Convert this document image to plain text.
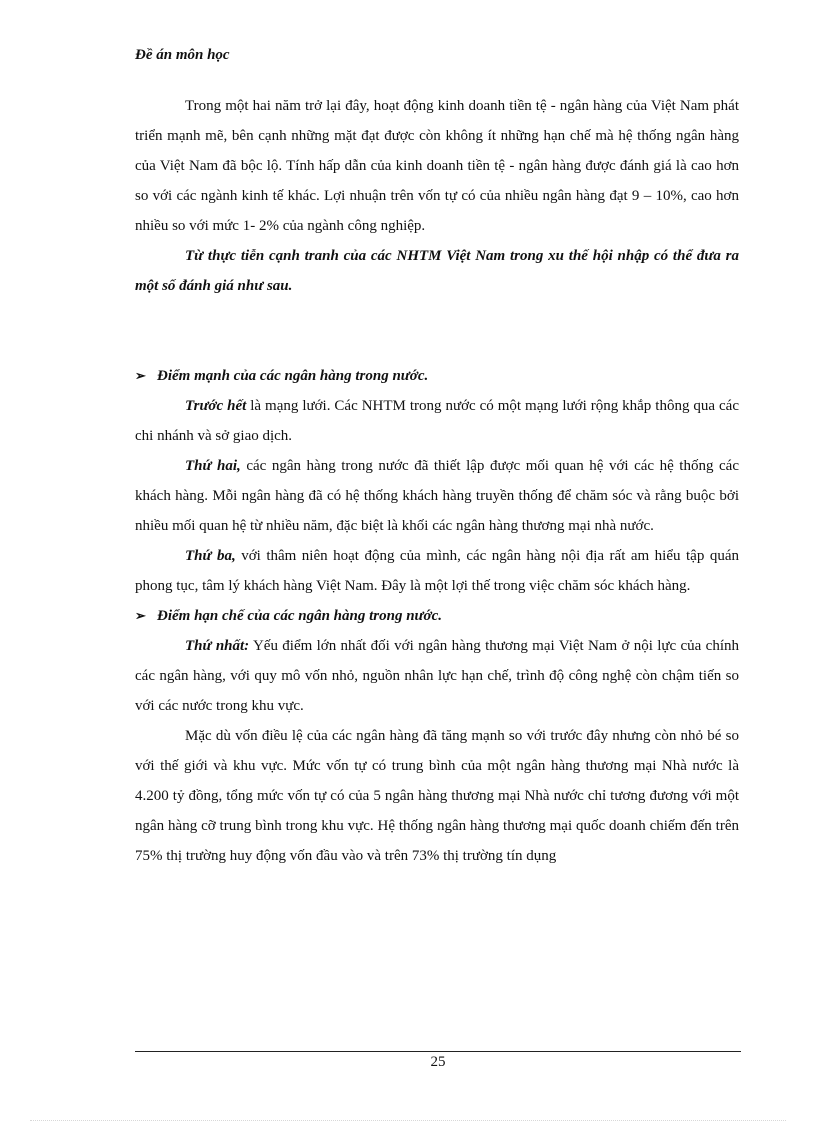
Đề án môn học

Trong một hai năm trở lại đây, hoạt động kinh doanh tiền tệ - ngân hàng của Việt Nam phát triển mạnh mẽ, bên cạnh những mặt đạt được còn không ít những hạn chế mà hệ thống ngân hàng của Việt Nam đã bộc lộ. Tính hấp dẫn của kinh doanh tiền tệ - ngân hàng được đánh giá là cao hơn so với các ngành kinh tế khác. Lợi nhuận trên vốn tự có của nhiều ngân hàng đạt 9 – 10%, cao hơn nhiều so với mức 1- 2% của ngành công nghiệp.

Từ thực tiễn cạnh tranh của các NHTM Việt Nam trong xu thế hội nhập có thể đưa ra một số đánh giá như sau.

➢ Điểm mạnh của các ngân hàng trong nước.

Trước hết là mạng lưới. Các NHTM trong nước có một mạng lưới rộng khắp thông qua các chi nhánh và sở giao dịch.

Thứ hai, các ngân hàng trong nước đã thiết lập được mối quan hệ với các hệ thống các khách hàng. Mỗi ngân hàng đã có hệ thống khách hàng truyền thống để chăm sóc và rằng buộc bởi nhiều mối quan hệ từ nhiều năm, đặc biệt là khối các ngân hàng thương mại nhà nước.

Thứ ba, với thâm niên hoạt động của mình, các ngân hàng nội địa rất am hiểu tập quán phong tục, tâm lý khách hàng Việt Nam. Đây là một lợi thế trong việc chăm sóc khách hàng.

➢ Điểm hạn chế của các ngân hàng trong nước.

Thứ nhất: Yếu điểm lớn nhất đối với ngân hàng thương mại Việt Nam ở nội lực của chính các ngân hàng, với quy mô vốn nhỏ, nguồn nhân lực hạn chế, trình độ công nghệ còn chậm tiến so với các nước trong khu vực.

Mặc dù vốn điều lệ của các ngân hàng đã tăng mạnh so với trước đây nhưng còn nhỏ bé so với thế giới và khu vực. Mức vốn tự có trung bình của một ngân hàng thương mại Nhà nước là 4.200 tỷ đồng, tổng mức vốn tự có của 5 ngân hàng thương mại Nhà nước chỉ tương đương với một ngân hàng cỡ trung bình trong khu vực. Hệ thống ngân hàng thương mại quốc doanh chiếm đến trên 75% thị trường huy động vốn đầu vào và trên 73% thị trường tín dụng

25
